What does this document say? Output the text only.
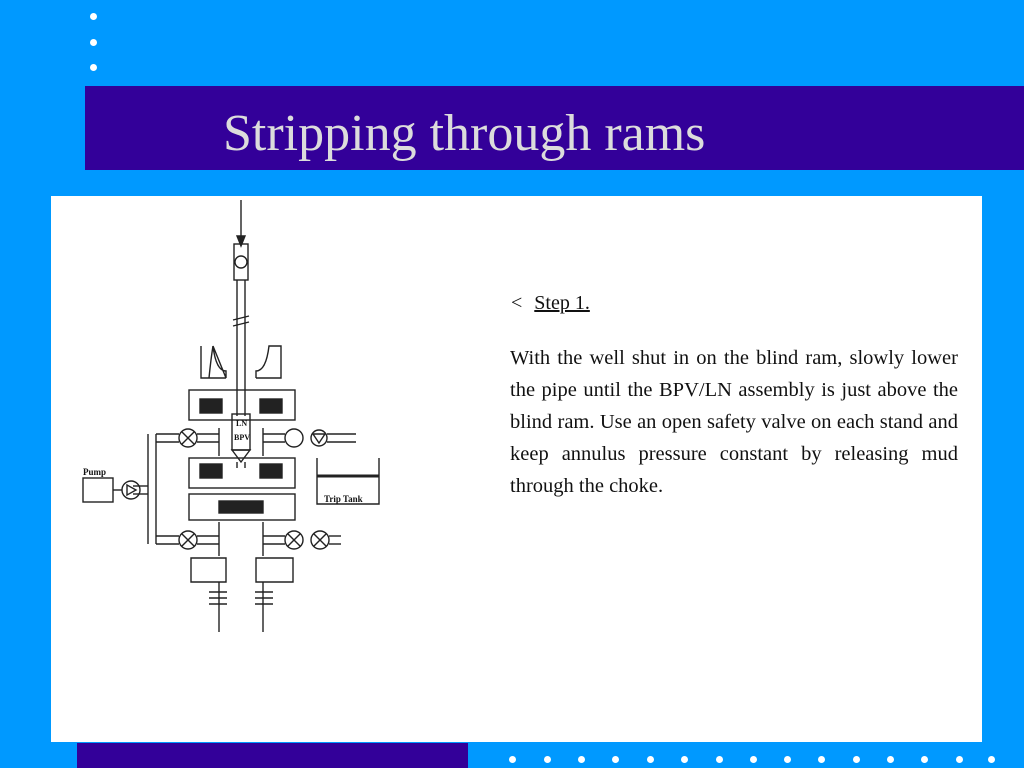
Stripping through rams
Pump
Trip Tank
LN
BPV
< Step 1.

With the well shut in on the blind ram, slowly lower the pipe until the BPV/LN assembly is just above the blind ram. Use an open safety valve on each stand and keep annulus pressure constant by releasing mud through the choke.
